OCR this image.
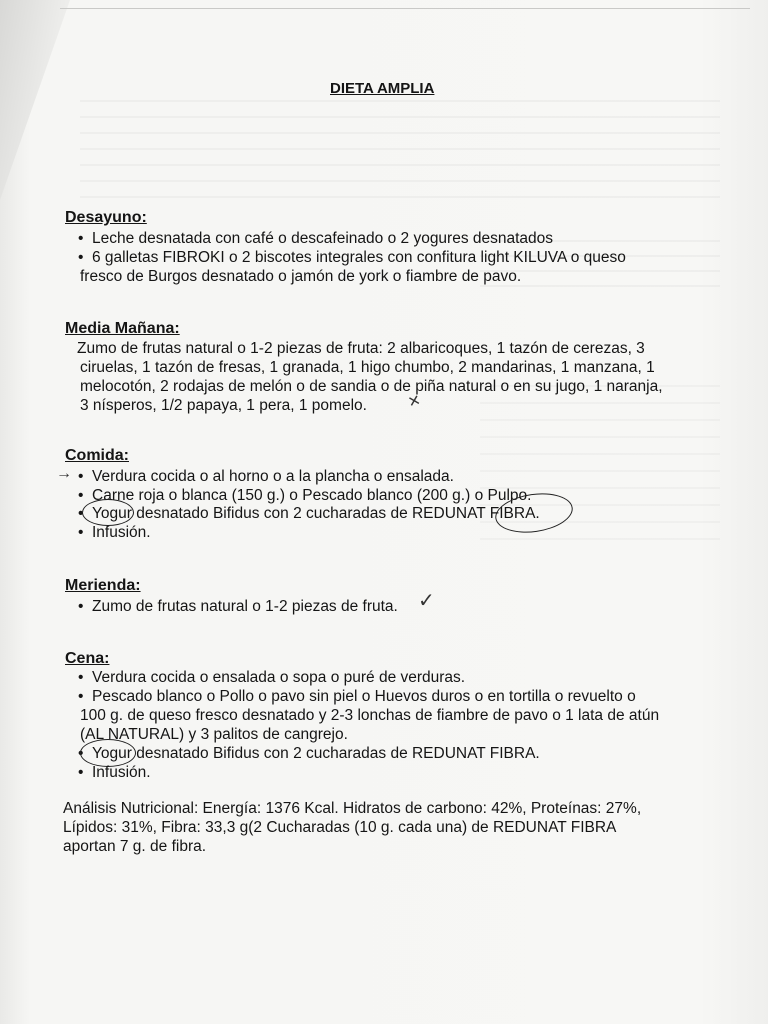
DIETA AMPLIA
Desayuno:
• Leche desnatada con café o descafeinado o 2 yogures desnatados

• 6 galletas FIBROKI o 2 biscotes integrales con confitura light KILUVA o queso

fresco de Burgos desnatado o jamón de york o fiambre de pavo.

Media Mañana:

Zumo de frutas natural o 1-2 piezas de fruta: 2 albaricoques, 1 tazón de cerezas, 3

ciruelas, 1 tazón de fresas, 1 granada, 1 higo chumbo, 2 mandarinas, 1 manzana, 1

melocotón, 2 rodajas de melón o de sandia o de piña natural o en su jugo, 1 naranja,

3 nísperos, 1/2 papaya, 1 pera, 1 pomelo.	✕
Comida:
→ • Verdura cocida o al horno o a la plancha o ensalada.

• Carne roja o blanca (150 g.) o Pescado blanco (200 g.) o Pulpo.

• Yogur desnatado Bifidus con 2 cucharadas de REDUNAT FIBRA.

• Infusión.

Merienda:
• Zumo de frutas natural o 1-2 piezas de fruta. ✓
Cena:
• Verdura cocida o ensalada o sopa o puré de verduras.

• Pescado blanco o Pollo o pavo sin piel o Huevos duros o en tortilla o revuelto o

100 g. de queso fresco desnatado y 2-3 lonchas de fiambre de pavo o 1 lata de atún

(AL NATURAL) y 3 palitos de cangrejo.

• Yogur desnatado Bifidus con 2 cucharadas de REDUNAT FIBRA.

• Infusión.

Análisis Nutricional: Energía: 1376 Kcal. Hidratos de carbono: 42%, Proteínas: 27%,

Lípidos: 31%, Fibra: 33,3 g(2 Cucharadas (10 g. cada una) de REDUNAT FIBRA

aportan 7 g. de fibra.
